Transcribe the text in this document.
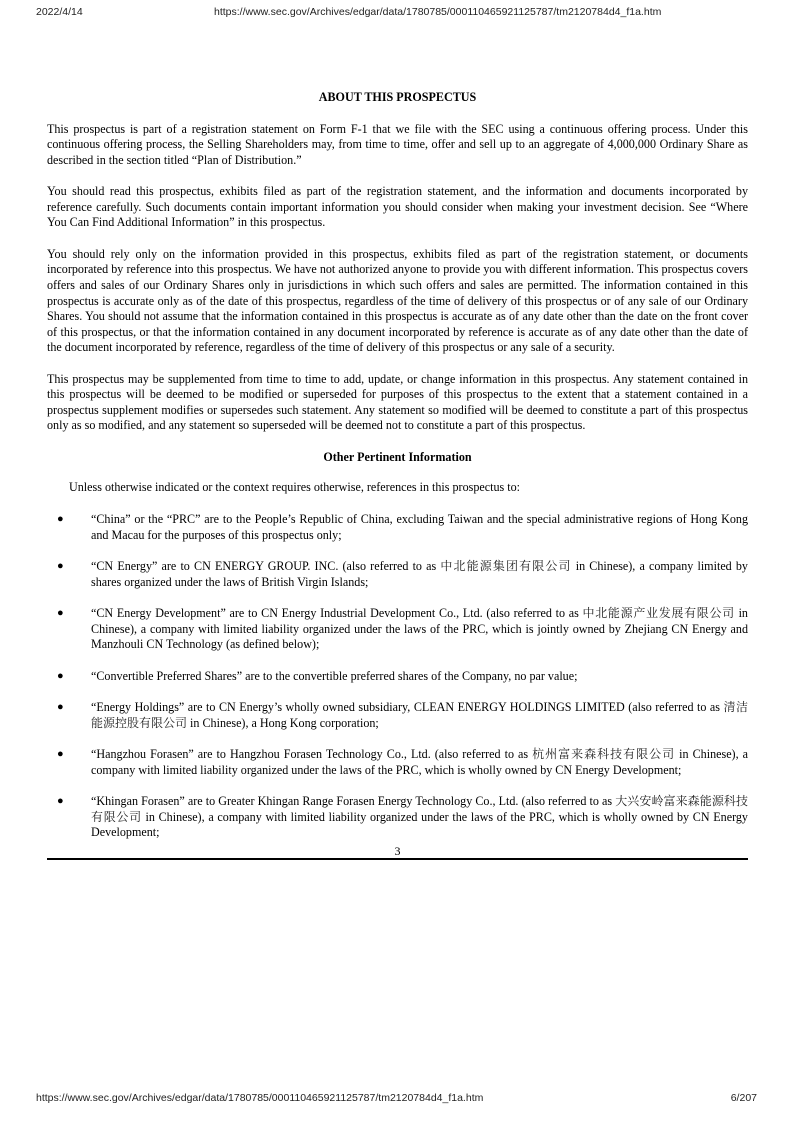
2022/4/14	https://www.sec.gov/Archives/edgar/data/1780785/000110465921125787/tm2120784d4_f1a.htm
ABOUT THIS PROSPECTUS

This prospectus is part of a registration statement on Form F-1 that we file with the SEC using a continuous offering process. Under this continuous offering process, the Selling Shareholders may, from time to time, offer and sell up to an aggregate of 4,000,000 Ordinary Share as described in the section titled “Plan of Distribution.”

You should read this prospectus, exhibits filed as part of the registration statement, and the information and documents incorporated by reference carefully. Such documents contain important information you should consider when making your investment decision. See “Where You Can Find Additional Information” in this prospectus.

You should rely only on the information provided in this prospectus, exhibits filed as part of the registration statement, or documents incorporated by reference into this prospectus. We have not authorized anyone to provide you with different information. This prospectus covers offers and sales of our Ordinary Shares only in jurisdictions in which such offers and sales are permitted. The information contained in this prospectus is accurate only as of the date of this prospectus, regardless of the time of delivery of this prospectus or of any sale of our Ordinary Shares. You should not assume that the information contained in this prospectus is accurate as of any date other than the date on the front cover of this prospectus, or that the information contained in any document incorporated by reference is accurate as of any date other than the date of the document incorporated by reference, regardless of the time of delivery of this prospectus or any sale of a security.

This prospectus may be supplemented from time to time to add, update, or change information in this prospectus. Any statement contained in this prospectus will be deemed to be modified or superseded for purposes of this prospectus to the extent that a statement contained in a prospectus supplement modifies or supersedes such statement. Any statement so modified will be deemed to constitute a part of this prospectus only as so modified, and any statement so superseded will be deemed not to constitute a part of this prospectus.

Other Pertinent Information

Unless otherwise indicated or the context requires otherwise, references in this prospectus to:

● “China” or the “PRC” are to the People’s Republic of China, excluding Taiwan and the special administrative regions of Hong Kong and Macau for the purposes of this prospectus only;
● “CN Energy” are to CN ENERGY GROUP. INC. (also referred to as 中北能源集团有限公司 in Chinese), a company limited by shares organized under the laws of British Virgin Islands;
● “CN Energy Development” are to CN Energy Industrial Development Co., Ltd. (also referred to as 中北能源产业发展有限公司 in Chinese), a company with limited liability organized under the laws of the PRC, which is jointly owned by Zhejiang CN Energy and Manzhouli CN Technology (as defined below);
● “Convertible Preferred Shares” are to the convertible preferred shares of the Company, no par value;
● “Energy Holdings” are to CN Energy’s wholly owned subsidiary, CLEAN ENERGY HOLDINGS LIMITED (also referred to as 清洁能源控股有限公司 in Chinese), a Hong Kong corporation;
● “Hangzhou Forasen” are to Hangzhou Forasen Technology Co., Ltd. (also referred to as 杭州富来森科技有限公司 in Chinese), a company with limited liability organized under the laws of the PRC, which is wholly owned by CN Energy Development;
● “Khingan Forasen” are to Greater Khingan Range Forasen Energy Technology Co., Ltd. (also referred to as 大兴安岭富来森能源科技有限公司 in Chinese), a company with limited liability organized under the laws of the PRC, which is wholly owned by CN Energy Development;
3
https://www.sec.gov/Archives/edgar/data/1780785/000110465921125787/tm2120784d4_f1a.htm	6/207
